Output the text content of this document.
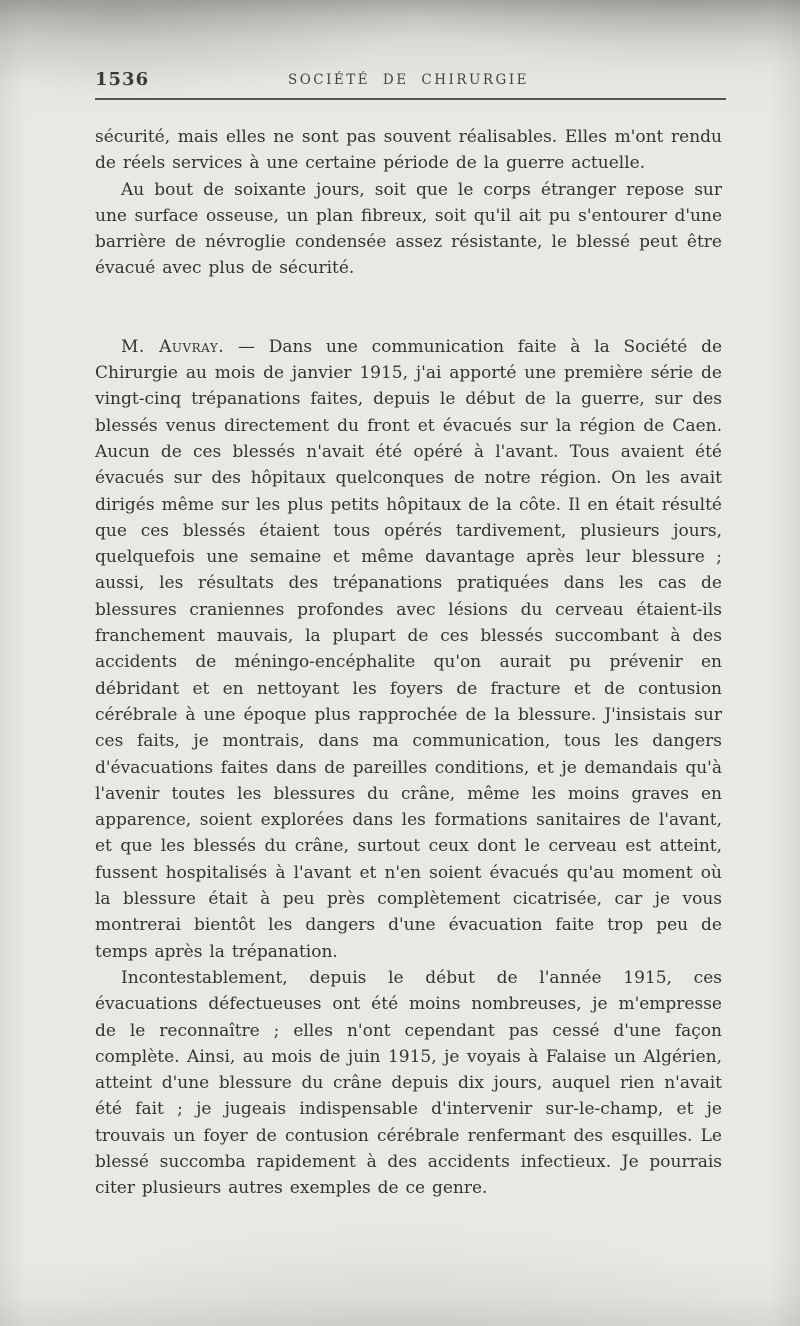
1536	SOCIÉTÉ DE CHIRURGIE

sécurité, mais elles ne sont pas souvent réalisables. Elles m'ont rendu de réels services à une certaine période de la guerre actuelle.

Au bout de soixante jours, soit que le corps étranger repose sur une surface osseuse, un plan fibreux, soit qu'il ait pu s'entourer d'une barrière de névroglie condensée assez résistante, le blessé peut être évacué avec plus de sécurité.

M. Auvray. — Dans une communication faite à la Société de Chirurgie au mois de janvier 1915, j'ai apporté une première série de vingt-cinq trépanations faites, depuis le début de la guerre, sur des blessés venus directement du front et évacués sur la région de Caen. Aucun de ces blessés n'avait été opéré à l'avant. Tous avaient été évacués sur des hôpitaux quelconques de notre région. On les avait dirigés même sur les plus petits hôpitaux de la côte. Il en était résulté que ces blessés étaient tous opérés tardivement, plusieurs jours, quelquefois une semaine et même davantage après leur blessure ; aussi, les résultats des trépanations pratiquées dans les cas de blessures craniennes profondes avec lésions du cerveau étaient-ils franchement mauvais, la plupart de ces blessés succombant à des accidents de méningo-encéphalite qu'on aurait pu prévenir en débridant et en nettoyant les foyers de fracture et de contusion cérébrale à une époque plus rapprochée de la blessure. J'insistais sur ces faits, je montrais, dans ma communication, tous les dangers d'évacuations faites dans de pareilles conditions, et je demandais qu'à l'avenir toutes les blessures du crâne, même les moins graves en apparence, soient explorées dans les formations sanitaires de l'avant, et que les blessés du crâne, surtout ceux dont le cerveau est atteint, fussent hospitalisés à l'avant et n'en soient évacués qu'au moment où la blessure était à peu près complètement cicatrisée, car je vous montrerai bientôt les dangers d'une évacuation faite trop peu de temps après la trépanation.

Incontestablement, depuis le début de l'année 1915, ces évacuations défectueuses ont été moins nombreuses, je m'empresse de le reconnaître ; elles n'ont cependant pas cessé d'une façon complète. Ainsi, au mois de juin 1915, je voyais à Falaise un Algérien, atteint d'une blessure du crâne depuis dix jours, auquel rien n'avait été fait ; je jugeais indispensable d'intervenir sur-le-champ, et je trouvais un foyer de contusion cérébrale renfermant des esquilles. Le blessé succomba rapidement à des accidents infectieux. Je pourrais citer plusieurs autres exemples de ce genre.
